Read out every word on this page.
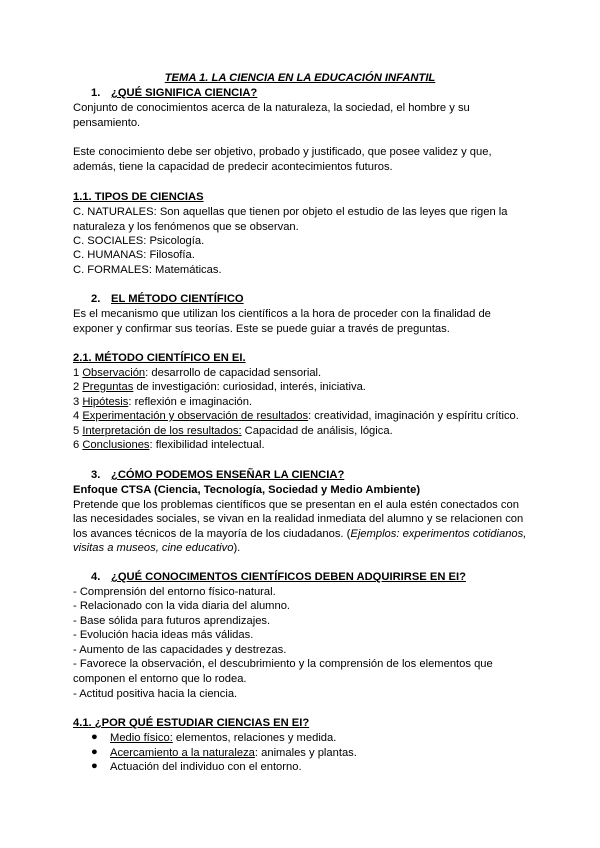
TEMA 1. LA CIENCIA EN LA EDUCACIÓN INFANTIL
1. ¿QUÉ SIGNIFICA CIENCIA?
Conjunto de conocimientos acerca de la naturaleza, la sociedad, el hombre y su
pensamiento.
Este conocimiento debe ser objetivo, probado y justificado, que posee validez y que,
además, tiene la capacidad de predecir acontecimientos futuros.
1.1. TIPOS DE CIENCIAS
C. NATURALES: Son aquellas que tienen por objeto el estudio de las leyes que rigen la
naturaleza y los fenómenos que se observan.
C. SOCIALES: Psicología.
C. HUMANAS: Filosofía.
C. FORMALES: Matemáticas.
2. EL MÉTODO CIENTÍFICO
Es el mecanismo que utilizan los científicos a la hora de proceder con la finalidad de
exponer y confirmar sus teorías. Este se puede guiar a través de preguntas.
2.1. MÉTODO CIENTÍFICO EN EI.
1 Observación: desarrollo de capacidad sensorial.
2 Preguntas de investigación: curiosidad, interés, iniciativa.
3 Hipótesis: reflexión e imaginación.
4 Experimentación y observación de resultados: creatividad, imaginación y espíritu crítico.
5 Interpretación de los resultados: Capacidad de análisis, lógica.
6 Conclusiones: flexibilidad intelectual.
3. ¿CÓMO PODEMOS ENSEÑAR LA CIENCIA?
Enfoque CTSA (Ciencia, Tecnología, Sociedad y Medio Ambiente)
Pretende que los problemas científicos que se presentan en el aula estén conectados con
las necesidades sociales, se vivan en la realidad inmediata del alumno y se relacionen con
los avances técnicos de la mayoría de los ciudadanos. (Ejemplos: experimentos cotidianos,
visitas a museos, cine educativo).
4. ¿QUÉ CONOCIMENTOS CIENTÍFICOS DEBEN ADQUIRIRSE EN EI?
- Comprensión del entorno físico-natural.
- Relacionado con la vida diaria del alumno.
- Base sólida para futuros aprendizajes.
- Evolución hacia ideas más válidas.
- Aumento de las capacidades y destrezas.
- Favorece la observación, el descubrimiento y la comprensión de los elementos que
componen el entorno que lo rodea.
- Actitud positiva hacia la ciencia.
4.1. ¿POR QUÉ ESTUDIAR CIENCIAS EN EI?
● Medio físico: elementos, relaciones y medida.
● Acercamiento a la naturaleza: animales y plantas.
● Actuación del individuo con el entorno.
